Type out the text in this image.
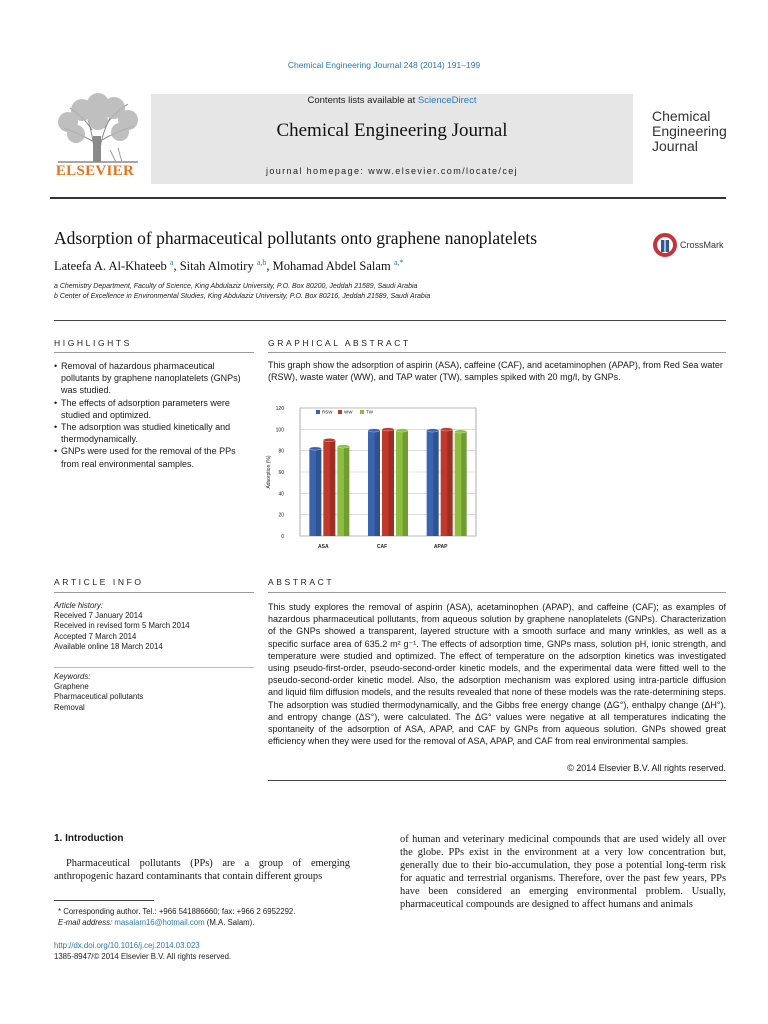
Chemical Engineering Journal 248 (2014) 191–199
Contents lists available at ScienceDirect
Chemical Engineering Journal
journal homepage: www.elsevier.com/locate/cej
ELSEVIER
Chemical
Engineering
Journal
Adsorption of pharmaceutical pollutants onto graphene nanoplatelets	CrossMark
Lateefa A. Al-Khateeb $^a$, Sitah Almotiry $^{a,b}$, Mohamad Abdel Salam $^{a,*}$
a Chemistry Department, Faculty of Science, King Abdulaziz University, P.O. Box 80200, Jeddah 21589, Saudi Arabia
b Center of Excellence in Environmental Studies, King Abdulaziz University, P.O. Box 80216, Jeddah 21589, Saudi Arabia
HIGHLIGHTS	GRAPHICAL ABSTRACT
• Removal of hazardous pharmaceutical pollutants by graphene nanoplatelets (GNPs) was studied.
• The effects of adsorption parameters were studied and optimized.
• The adsorption was studied kinetically and thermodynamically.
• GNPs were used for the removal of the PPs from real environmental samples.
This graph show the adsorption of aspirin (ASA), caffeine (CAF), and acetaminophen (APAP), from Red Sea water (RSW), waste water (WW), and TAP water (TW), samples spiked with 20 mg/l, by GNPs.
0
20
40
60
80
100
120
Adsorption (%)
ASA	CAF	APAP
RSW	WW	TW
ARTICLE INFO	ABSTRACT
Article history:
Received 7 January 2014
Received in revised form 5 March 2014
Accepted 7 March 2014
Available online 18 March 2014
Keywords:
Graphene
Pharmaceutical pollutants
Removal
This study explores the removal of aspirin (ASA), acetaminophen (APAP), and caffeine (CAF); as examples of hazardous pharmaceutical pollutants, from aqueous solution by graphene nanoplatelets (GNPs). Characterization of the GNPs showed a transparent, layered structure with a smooth surface and many wrinkles, as well as a specific surface area of 635.2 m² g⁻¹. The effects of adsorption time, GNPs mass, solution pH, ionic strength, and temperature were studied and optimized. The effect of temperature on the adsorption kinetics was investigated using pseudo-first-order, pseudo-second-order kinetic models, and the experimental data were fitted well to the pseudo-second-order kinetic model. Also, the adsorption mechanism was explored using intra-particle diffusion and liquid film diffusion models, and the results revealed that none of these models was the rate-determining steps. The adsorption was studied thermodynamically, and the Gibbs free energy change (ΔG°), enthalpy change (ΔH°), and entropy change (ΔS°), were calculated. The ΔG° values were negative at all temperatures indicating the spontaneity of the adsorption of ASA, APAP, and CAF by GNPs from aqueous solution. GNPs showed great efficiency when they were used for the removal of ASA, APAP, and CAF from real environmental samples.
© 2014 Elsevier B.V. All rights reserved.
1. Introduction
Pharmaceutical pollutants (PPs) are a group of emerging anthropogenic hazard contaminants that contain different groups
of human and veterinary medicinal compounds that are used widely all over the globe. PPs exist in the environment at a very low concentration but, generally due to their bio-accumulation, they pose a potential long-term risk for aquatic and terrestrial organisms. Therefore, over the past few years, PPs have been considered an emerging environmental problem. Usually, pharmaceutical compounds are designed to affect humans and animals
* Corresponding author. Tel.: +966 541886660; fax: +966 2 6952292.
E-mail address: masalam16@hotmail.com (M.A. Salam).
http://dx.doi.org/10.1016/j.cej.2014.03.023
1385-8947/© 2014 Elsevier B.V. All rights reserved.
